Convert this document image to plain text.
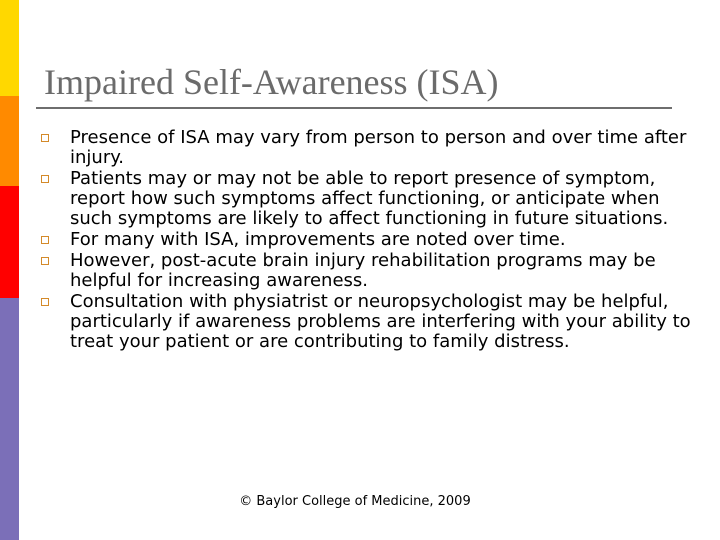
Impaired Self-Awareness (ISA)
Presence of ISA may vary from person to person and over time after injury.
Patients may or may not be able to report presence of symptom, report how such symptoms affect functioning, or anticipate when such symptoms are likely to affect functioning in future situations.
For many with ISA, improvements are noted over time.
However, post-acute brain injury rehabilitation programs may be helpful for increasing awareness.
Consultation with physiatrist or neuropsychologist may be helpful, particularly if awareness problems are interfering with your ability to treat your patient or are contributing to family distress.
© Baylor College of Medicine, 2009
